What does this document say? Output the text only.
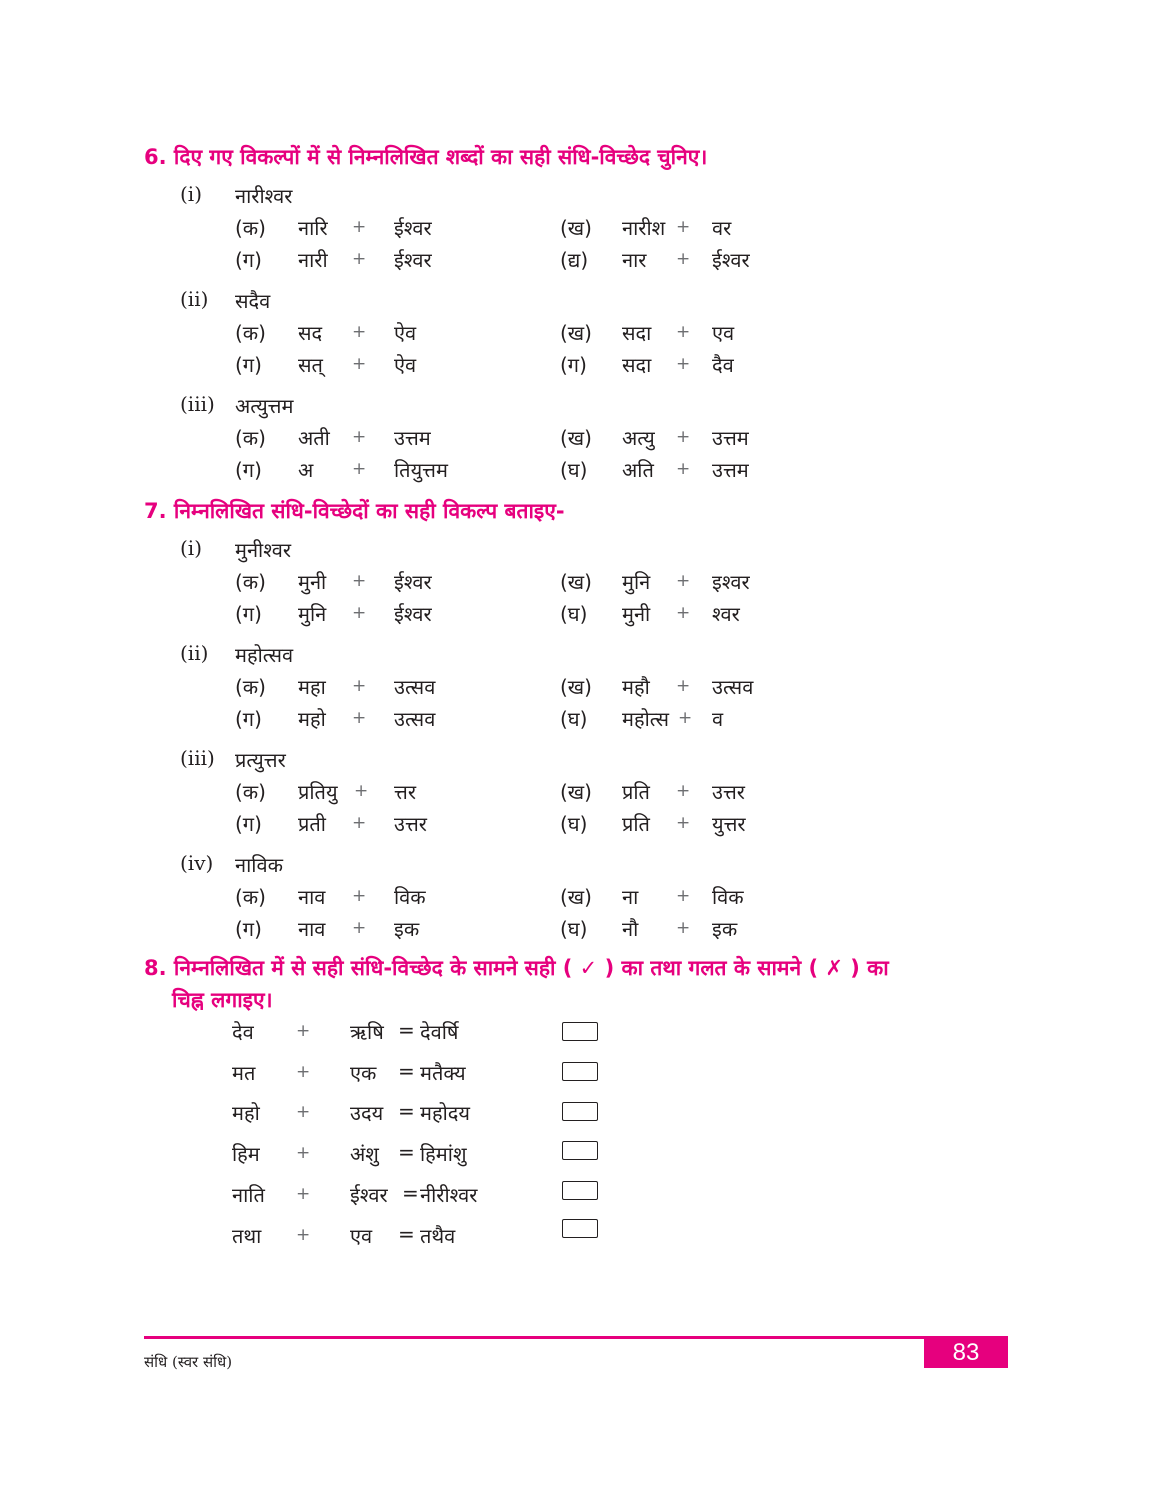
6. दिए गए विकल्पों में से निम्नलिखित शब्दों का सही संधि-विच्छेद चुनिए।
(i) नारीश्वर
(क) नारि + ईश्वर	(ख) नारीश + वर
(ग) नारी + ईश्वर	(द्य) नार + ईश्वर
(ii) सदैव
(क) सद + ऐव	(ख) सदा + एव
(ग) सत् + ऐव	(ग) सदा + दैव
(iii) अत्युत्तम
(क) अती + उत्तम	(ख) अत्यु + उत्तम
(ग) अ + तियुत्तम	(घ) अति + उत्तम
7. निम्नलिखित संधि-विच्छेदों का सही विकल्प बताइए-
(i) मुनीश्वर
(क) मुनी + ईश्वर	(ख) मुनि + इश्वर
(ग) मुनि + ईश्वर	(घ) मुनी + श्वर
(ii) महोत्सव
(क) महा + उत्सव	(ख) महौ + उत्सव
(ग) महो + उत्सव	(घ) महोत्स + व
(iii) प्रत्युत्तर
(क) प्रतियु + त्तर	(ख) प्रति + उत्तर
(ग) प्रती + उत्तर	(घ) प्रति + युत्तर
(iv) नाविक
(क) नाव + विक	(ख) ना + विक
(ग) नाव + इक	(घ) नौ + इक
8. निम्नलिखित में से सही संधि-विच्छेद के सामने सही ( ✓ ) का तथा गलत के सामने ( ✗ ) का
चिह्न लगाइए।
देव + ऋषि = देवर्षि
मत + एक = मतैक्य
महो + उदय = महोदय
हिम + अंशु = हिमांशु
नाति + ईश्वर = नीरीश्वर
तथा + एव = तथैव
83
संधि (स्वर संधि)
